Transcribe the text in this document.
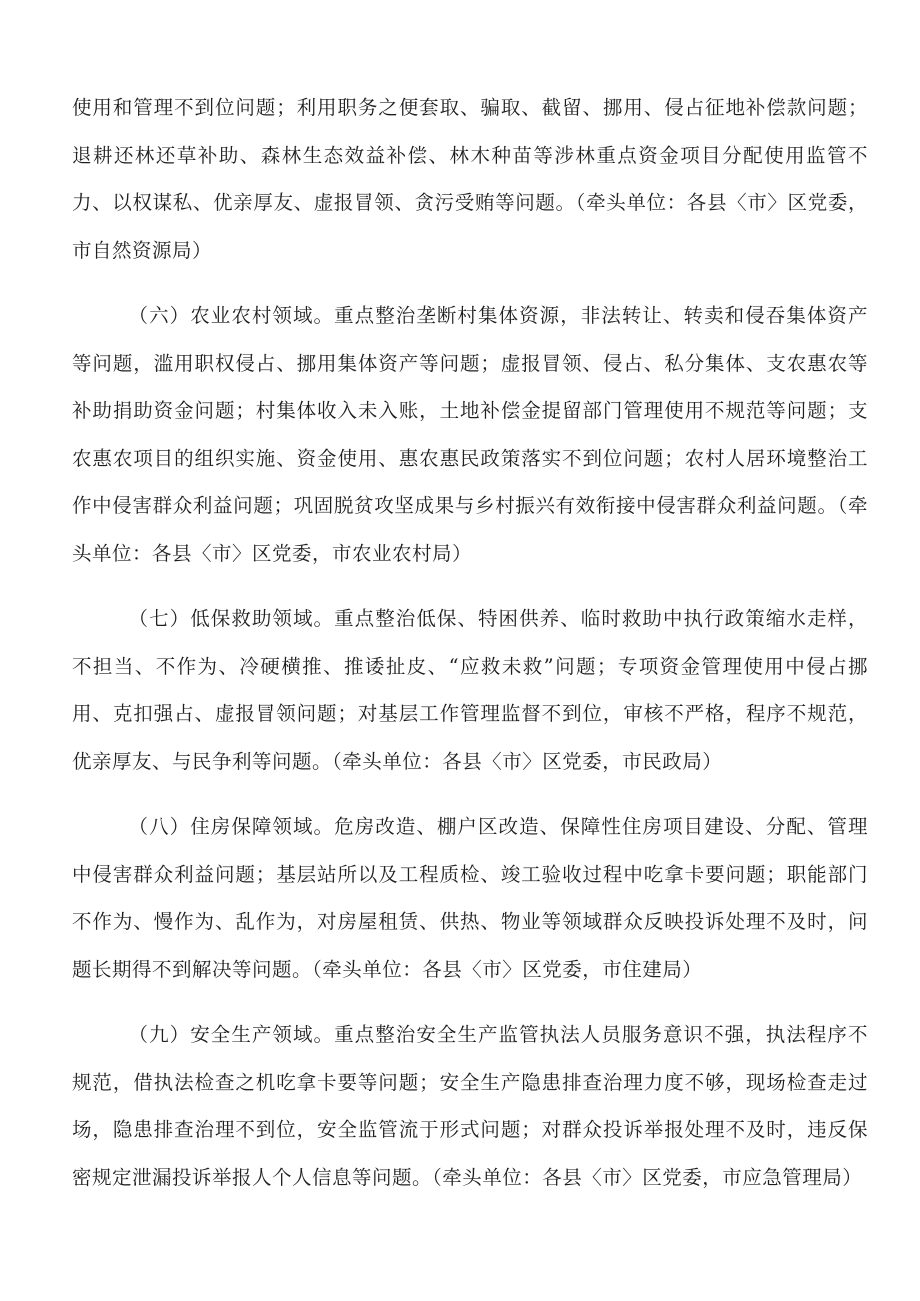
使用和管理不到位问题；利用职务之便套取、骗取、截留、挪用、侵占征地补偿款问题；退耕还林还草补助、森林生态效益补偿、林木种苗等涉林重点资金项目分配使用监管不力、以权谋私、优亲厚友、虚报冒领、贪污受贿等问题。（牵头单位：各县〈市〉区党委，市自然资源局）

（六）农业农村领域。重点整治垄断村集体资源，非法转让、转卖和侵吞集体资产等问题，滥用职权侵占、挪用集体资产等问题；虚报冒领、侵占、私分集体、支农惠农等补助捐助资金问题；村集体收入未入账，土地补偿金提留部门管理使用不规范等问题；支农惠农项目的组织实施、资金使用、惠农惠民政策落实不到位问题；农村人居环境整治工作中侵害群众利益问题；巩固脱贫攻坚成果与乡村振兴有效衔接中侵害群众利益问题。（牵头单位：各县〈市〉区党委，市农业农村局）

（七）低保救助领域。重点整治低保、特困供养、临时救助中执行政策缩水走样，不担当、不作为、冷硬横推、推诿扯皮、“应救未救”问题；专项资金管理使用中侵占挪用、克扣强占、虚报冒领问题；对基层工作管理监督不到位，审核不严格，程序不规范，优亲厚友、与民争利等问题。（牵头单位：各县〈市〉区党委，市民政局）

（八）住房保障领域。危房改造、棚户区改造、保障性住房项目建设、分配、管理中侵害群众利益问题；基层站所以及工程质检、竣工验收过程中吃拿卡要问题；职能部门不作为、慢作为、乱作为，对房屋租赁、供热、物业等领域群众反映投诉处理不及时，问题长期得不到解决等问题。（牵头单位：各县〈市〉区党委，市住建局）

（九）安全生产领域。重点整治安全生产监管执法人员服务意识不强，执法程序不规范，借执法检查之机吃拿卡要等问题；安全生产隐患排查治理力度不够，现场检查走过场，隐患排查治理不到位，安全监管流于形式问题；对群众投诉举报处理不及时，违反保密规定泄漏投诉举报人个人信息等问题。（牵头单位：各县〈市〉区党委，市应急管理局）
